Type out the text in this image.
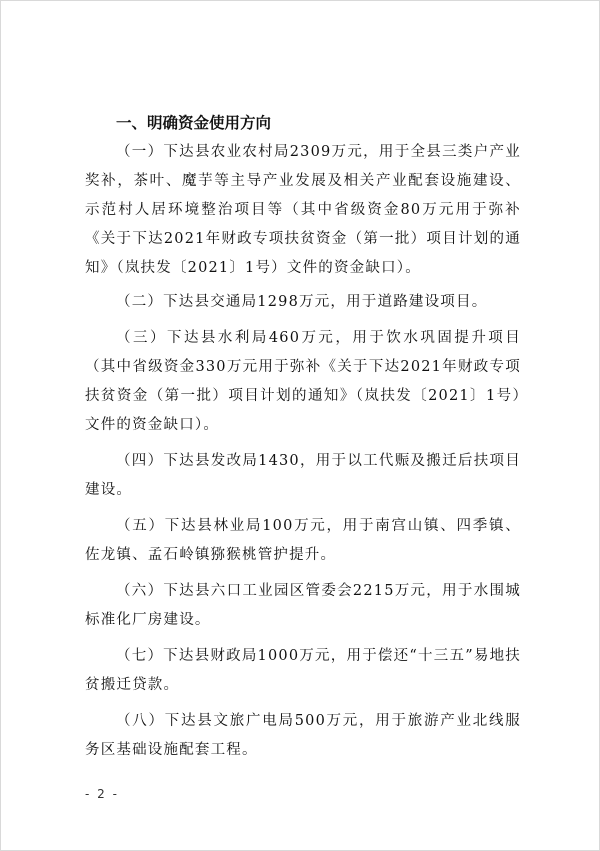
一、明确资金使用方向

（一）下达县农业农村局2309万元，用于全县三类户产业奖补，茶叶、魔芋等主导产业发展及相关产业配套设施建设、示范村人居环境整治项目等（其中省级资金80万元用于弥补《关于下达2021年财政专项扶贫资金（第一批）项目计划的通知》（岚扶发〔2021〕1号）文件的资金缺口）。

（二）下达县交通局1298万元，用于道路建设项目。

（三）下达县水利局460万元，用于饮水巩固提升项目（其中省级资金330万元用于弥补《关于下达2021年财政专项扶贫资金（第一批）项目计划的通知》（岚扶发〔2021〕1号）文件的资金缺口）。

（四）下达县发改局1430，用于以工代赈及搬迁后扶项目建设。

（五）下达县林业局100万元，用于南宫山镇、四季镇、佐龙镇、孟石岭镇猕猴桃管护提升。

（六）下达县六口工业园区管委会2215万元，用于水围城标准化厂房建设。

（七）下达县财政局1000万元，用于偿还“十三五”易地扶贫搬迁贷款。

（八）下达县文旅广电局500万元，用于旅游产业北线服务区基础设施配套工程。

- 2 -
